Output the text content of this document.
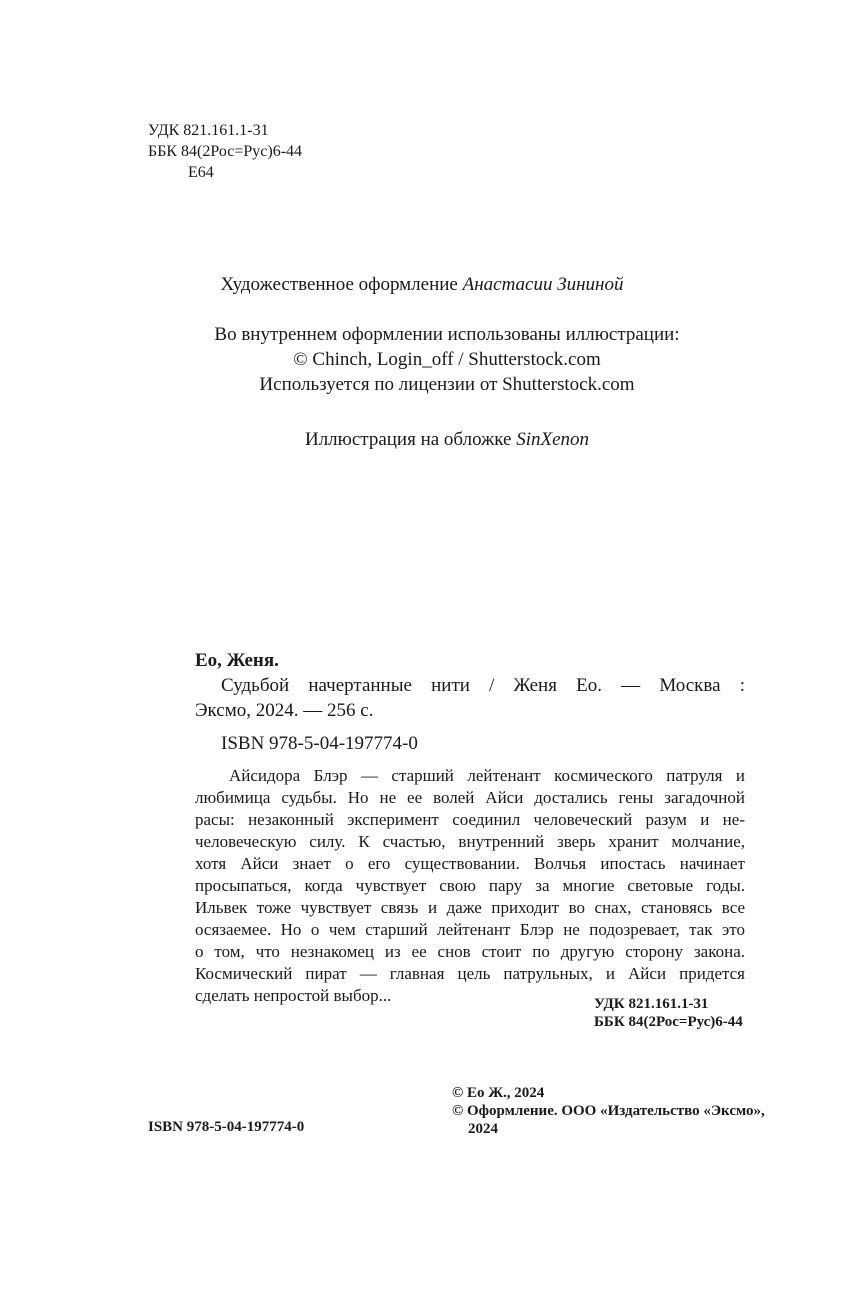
УДК 821.161.1-31
ББК 84(2Рос=Рус)6-44
Е64
Художественное оформление Анастасии Зининой
Во внутреннем оформлении использованы иллюстрации:
© Chinch, Login_off / Shutterstock.com
Используется по лицензии от Shutterstock.com
Иллюстрация на обложке SinXenon
Ео, Женя.
Судьбой начертанные нити / Женя Ео. — Москва :
Эксмо, 2024. — 256 с.
ISBN 978-5-04-197774-0
Айсидора Блэр — старший лейтенант космического патруля и
любимица судьбы. Но не ее волей Айси достались гены загадочной
расы: незаконный эксперимент соединил человеческий разум и не-
человеческую силу. К счастью, внутренний зверь хранит молчание,
хотя Айси знает о его существовании. Волчья ипостась начинает
просыпаться, когда чувствует свою пару за многие световые годы.
Ильвек тоже чувствует связь и даже приходит во снах, становясь все
осязаемее. Но о чем старший лейтенант Блэр не подозревает, так это
о том, что незнакомец из ее снов стоит по другую сторону закона.
Космический пират — главная цель патрульных, и Айси придется
сделать непростой выбор...	УДК 821.161.1-31
ББК 84(2Рос=Рус)6-44
ISBN 978-5-04-197774-0
© Ео Ж., 2024
© Оформление. ООО «Издательство «Эксмо»,
2024
